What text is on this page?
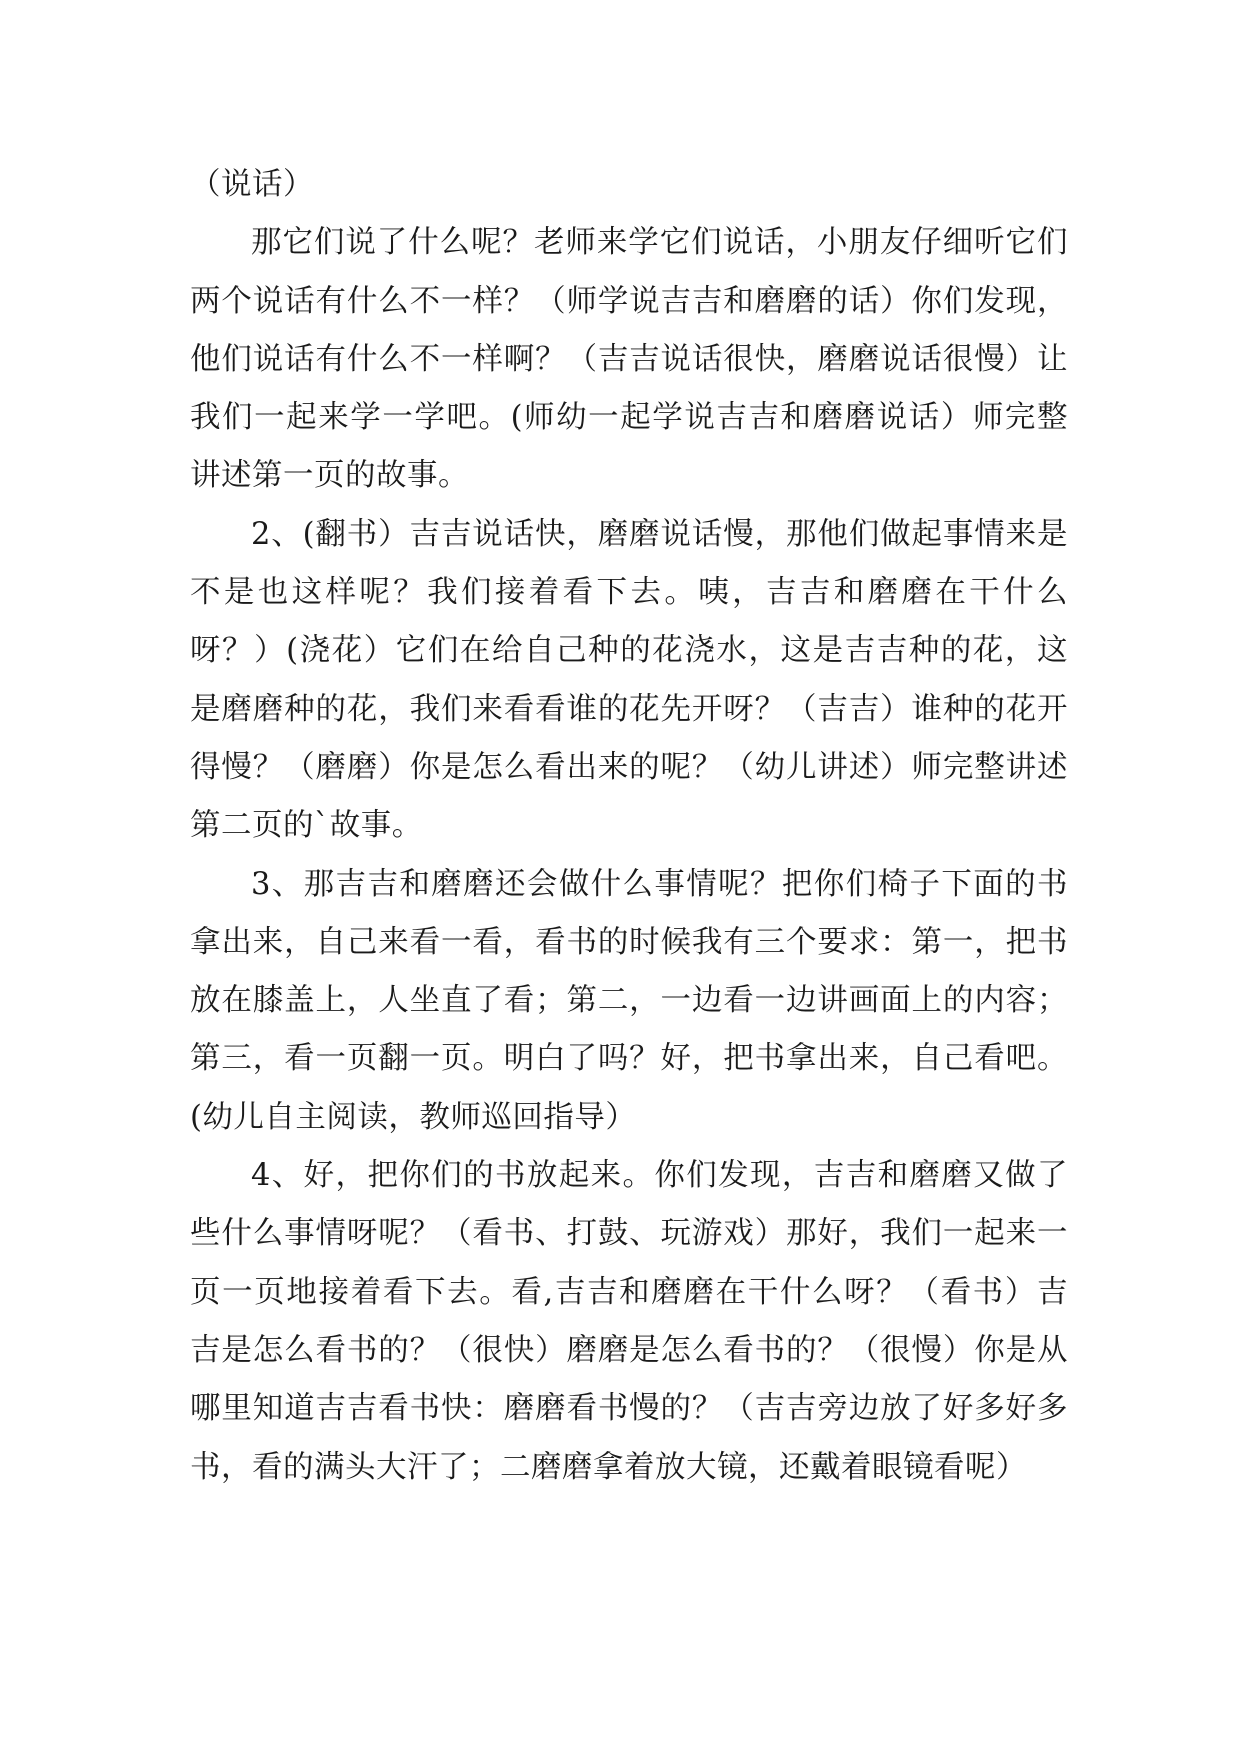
（说话）

那它们说了什么呢？老师来学它们说话，小朋友仔细听它们两个说话有什么不一样？（师学说吉吉和磨磨的话）你们发现，他们说话有什么不一样啊？（吉吉说话很快，磨磨说话很慢）让我们一起来学一学吧。(师幼一起学说吉吉和磨磨说话）师完整讲述第一页的故事。

2、(翻书）吉吉说话快，磨磨说话慢，那他们做起事情来是不是也这样呢？我们接着看下去。咦，吉吉和磨磨在干什么呀？）(浇花）它们在给自己种的花浇水，这是吉吉种的花，这是磨磨种的花，我们来看看谁的花先开呀？（吉吉）谁种的花开得慢？（磨磨）你是怎么看出来的呢？（幼儿讲述）师完整讲述第二页的`故事。

3、那吉吉和磨磨还会做什么事情呢？把你们椅子下面的书拿出来，自己来看一看，看书的时候我有三个要求：第一，把书放在膝盖上，人坐直了看；第二，一边看一边讲画面上的内容；第三，看一页翻一页。明白了吗？好，把书拿出来，自己看吧。(幼儿自主阅读，教师巡回指导）

4、好，把你们的书放起来。你们发现，吉吉和磨磨又做了些什么事情呀呢？（看书、打鼓、玩游戏）那好，我们一起来一页一页地接着看下去。看,吉吉和磨磨在干什么呀？（看书）吉吉是怎么看书的？（很快）磨磨是怎么看书的？（很慢）你是从哪里知道吉吉看书快：磨磨看书慢的？（吉吉旁边放了好多好多书，看的满头大汗了；二磨磨拿着放大镜，还戴着眼镜看呢）
